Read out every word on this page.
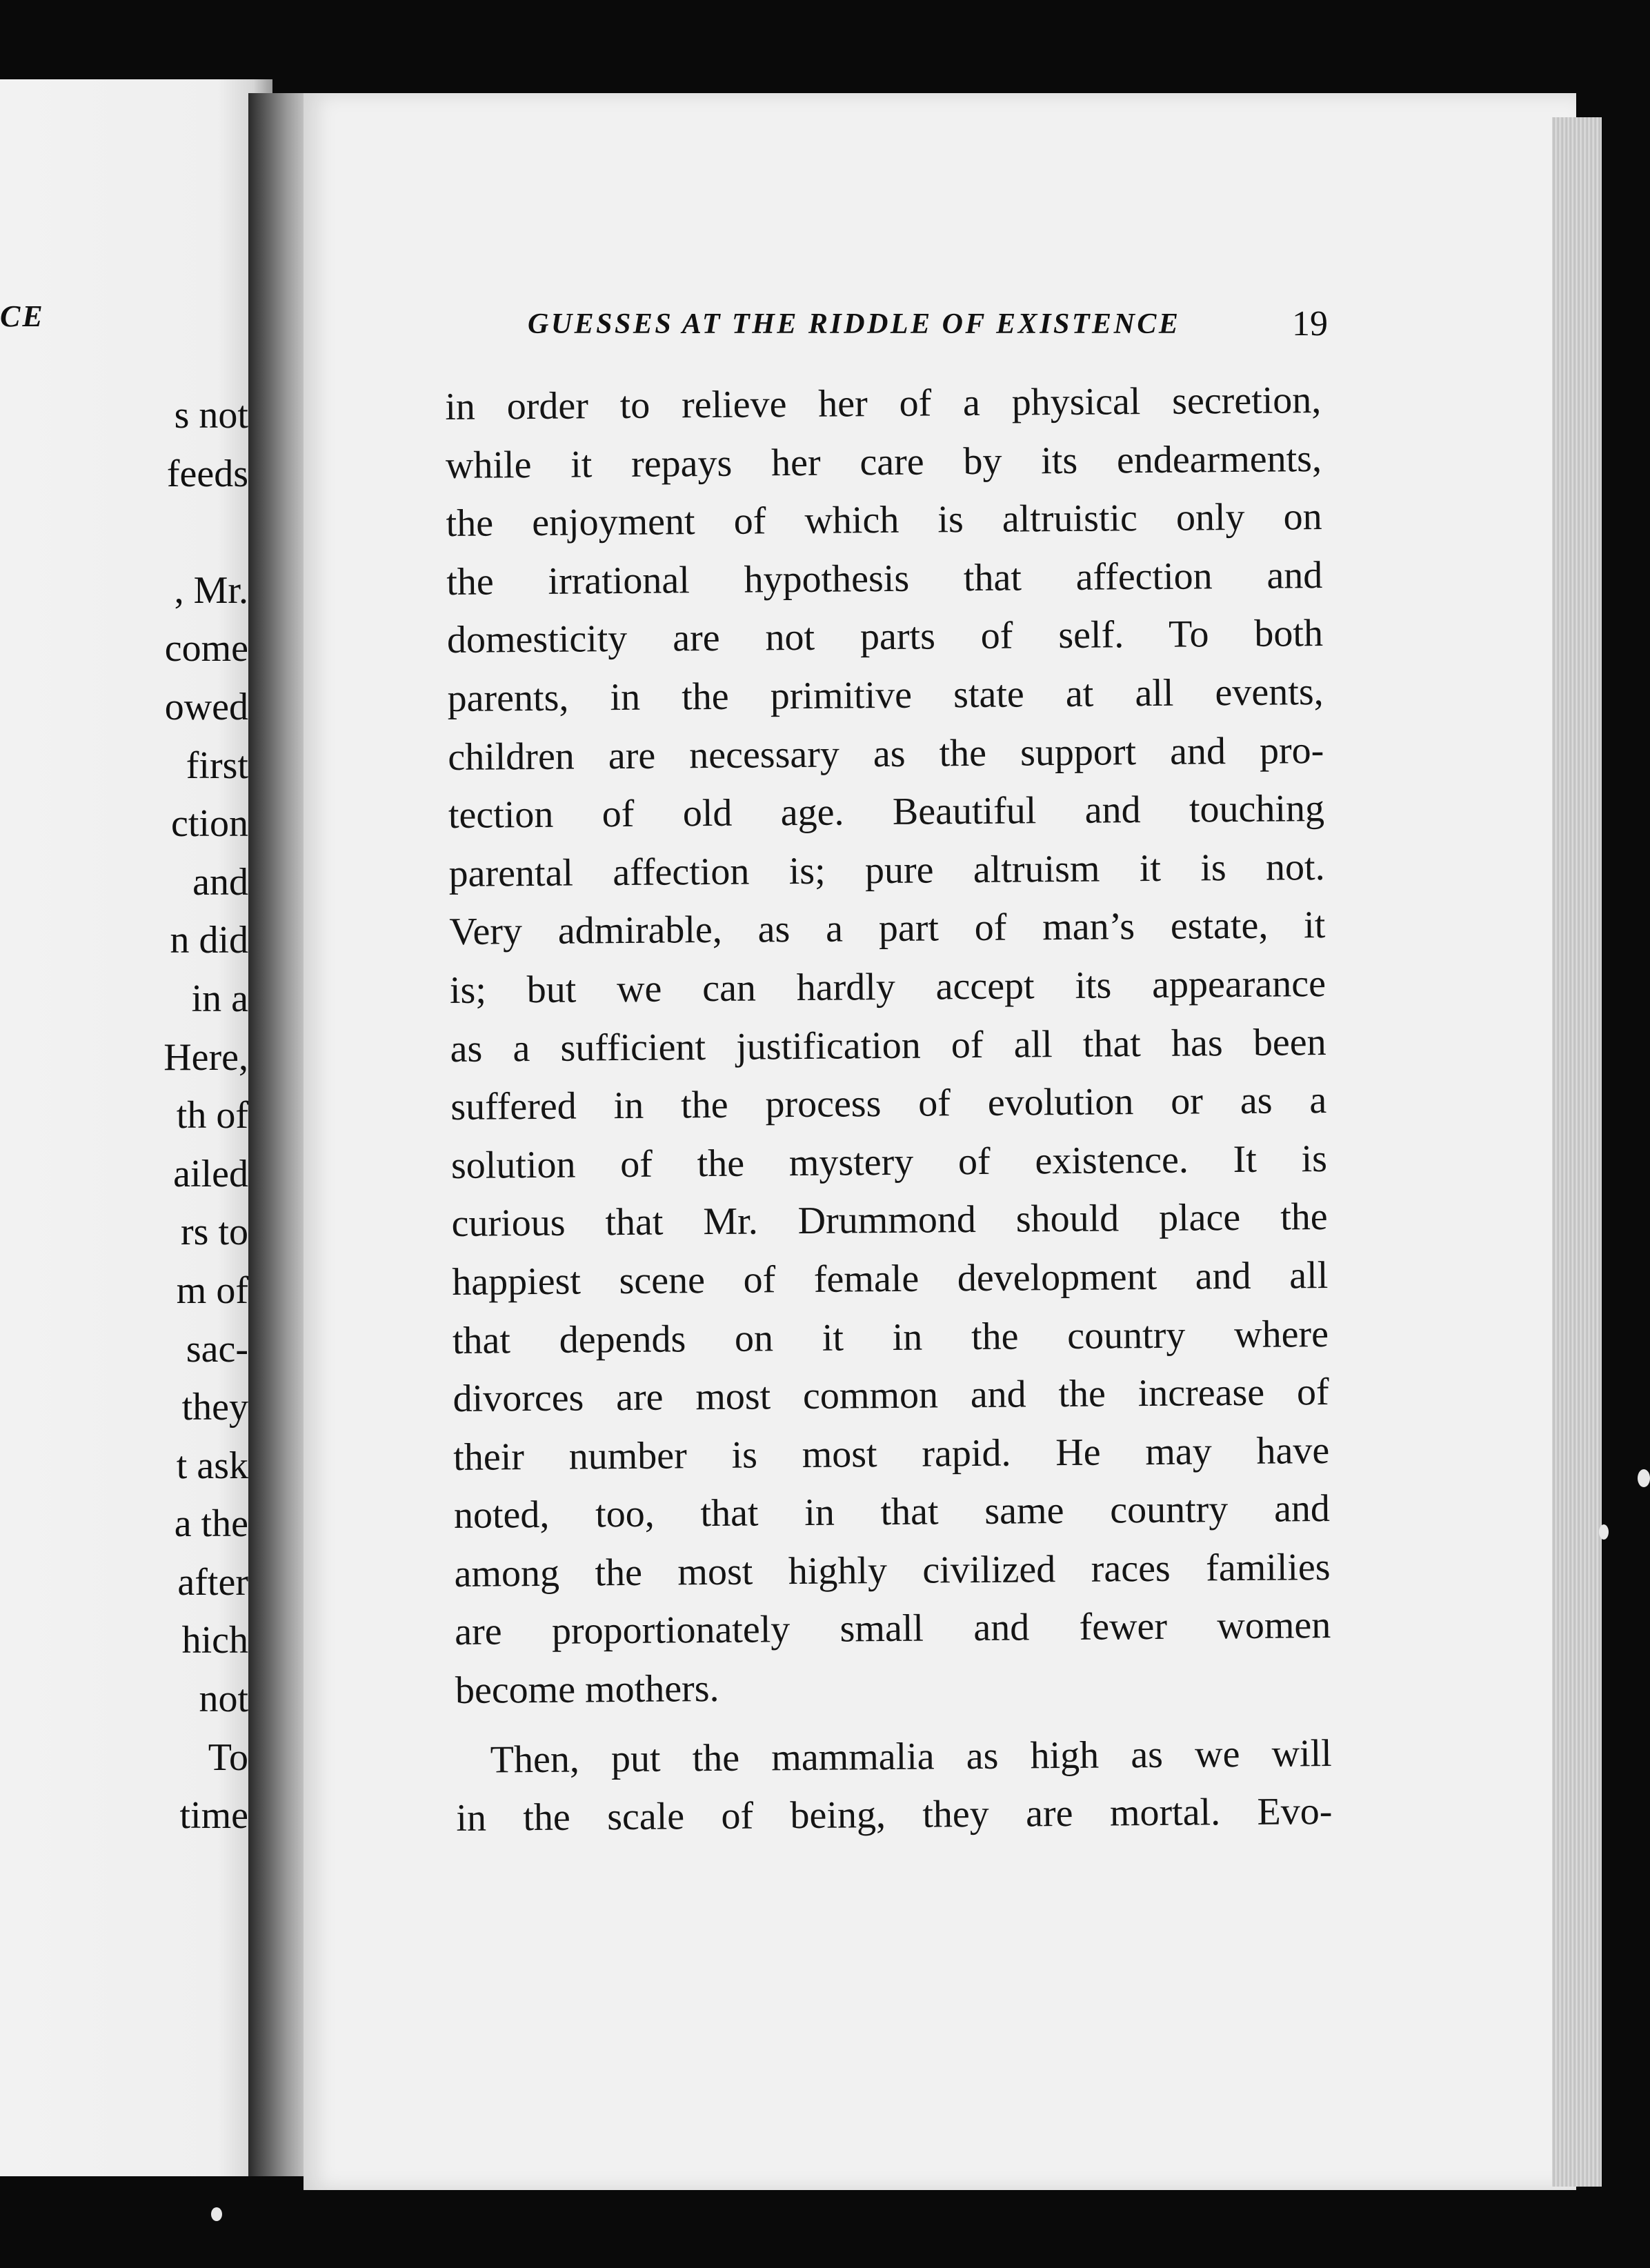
CE
s not
feeds

, Mr.
come
owed
first
ction
and
n did
in a
Here,
th of
ailed
rs to
m of
sac-
they
t ask
a the
after
hich
not
To
time
GUESSES AT THE RIDDLE OF EXISTENCE	19
in order to relieve her of a physical secretion,
while it repays her care by its endearments,
the enjoyment of which is altruistic only on
the irrational hypothesis that affection and
domesticity are not parts of self. To both
parents, in the primitive state at all events,
children are necessary as the support and pro-
tection of old age. Beautiful and touching
parental affection is; pure altruism it is not.
Very admirable, as a part of man’s estate, it
is; but we can hardly accept its appearance
as a sufficient justification of all that has been
suffered in the process of evolution or as a
solution of the mystery of existence. It is
curious that Mr. Drummond should place the
happiest scene of female development and all
that depends on it in the country where
divorces are most common and the increase of
their number is most rapid. He may have
noted, too, that in that same country and
among the most highly civilized races families
are proportionately small and fewer women
become mothers.
Then, put the mammalia as high as we will
in the scale of being, they are mortal. Evo-
